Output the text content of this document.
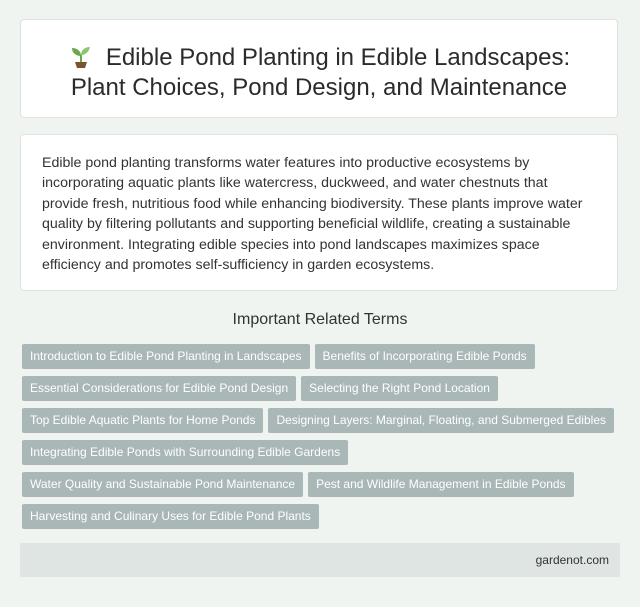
Edible Pond Planting in Edible Landscapes:
Plant Choices, Pond Design, and Maintenance

Edible pond planting transforms water features into productive ecosystems by incorporating aquatic plants like watercress, duckweed, and water chestnuts that provide fresh, nutritious food while enhancing biodiversity. These plants improve water quality by filtering pollutants and supporting beneficial wildlife, creating a sustainable environment. Integrating edible species into pond landscapes maximizes space efficiency and promotes self-sufficiency in garden ecosystems.

Important Related Terms
Introduction to Edible Pond Planting in Landscapes Benefits of Incorporating Edible Ponds
Essential Considerations for Edible Pond Design Selecting the Right Pond Location
Top Edible Aquatic Plants for Home Ponds Designing Layers: Marginal, Floating, and Submerged Edibles
Integrating Edible Ponds with Surrounding Edible Gardens
Water Quality and Sustainable Pond Maintenance Pest and Wildlife Management in Edible Ponds
Harvesting and Culinary Uses for Edible Pond Plants
gardenot.com
